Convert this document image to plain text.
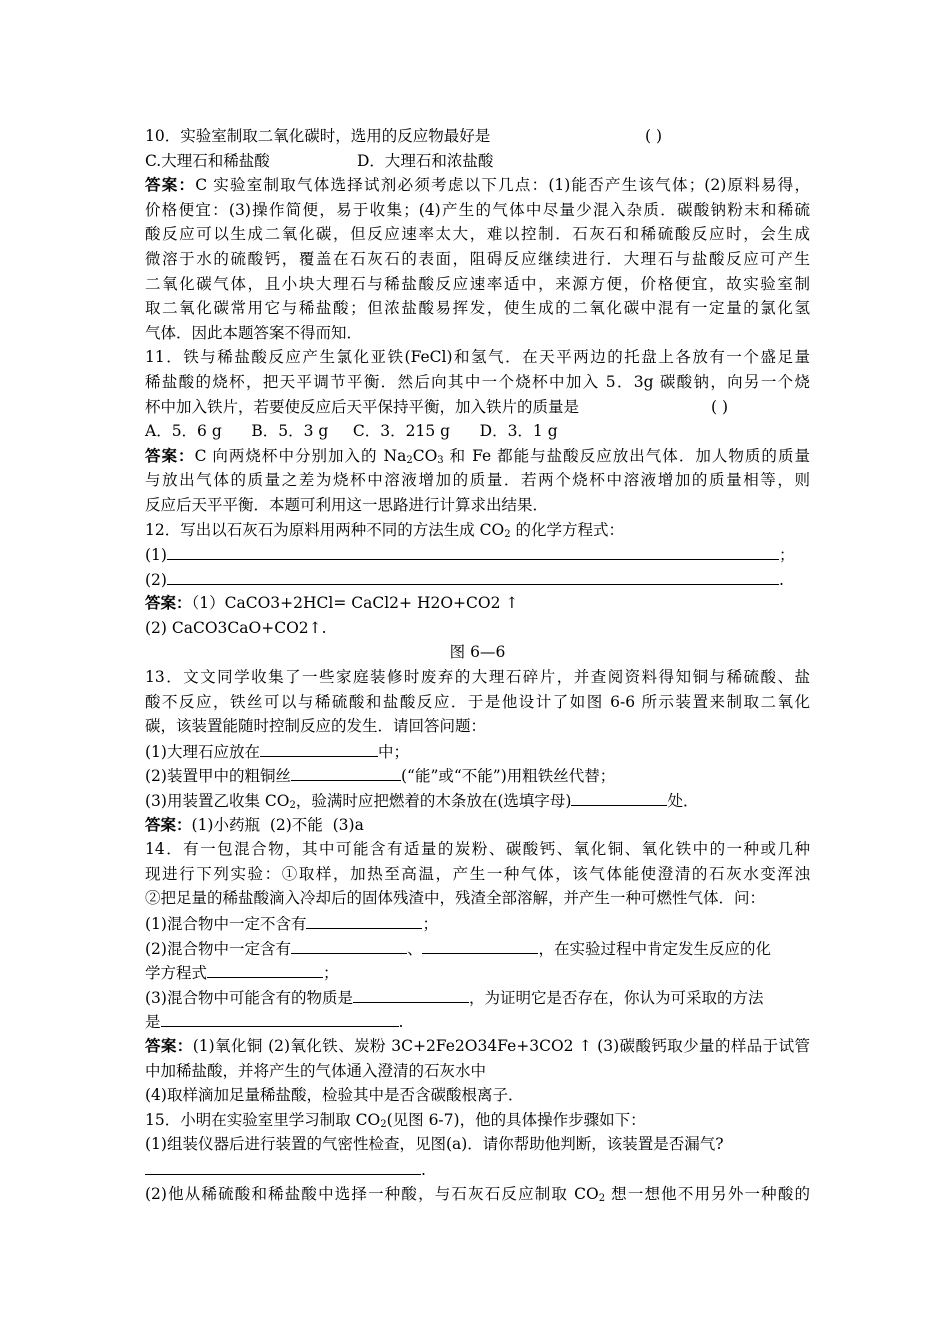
10．实验室制取二氧化碳时，选用的反应物最好是	( )
C.大理石和稀盐酸	D．大理石和浓盐酸
答案：C 实验室制取气体选择试剂必须考虑以下几点：(1)能否产生该气体；(2)原料易得，
价格便宜：(3)操作简便，易于收集；(4)产生的气体中尽量少混入杂质．碳酸钠粉末和稀硫
酸反应可以生成二氧化碳，但反应速率太大，难以控制．石灰石和稀硫酸反应时，会生成
微溶于水的硫酸钙，覆盖在石灰石的表面，阻碍反应继续进行．大理石与盐酸反应可产生
二氧化碳气体，且小块大理石与稀盐酸反应速率适中，来源方便，价格便宜，故实验室制
取二氧化碳常用它与稀盐酸；但浓盐酸易挥发，使生成的二氧化碳中混有一定量的氯化氢
气体．因此本题答案不得而知．
11．铁与稀盐酸反应产生氯化亚铁(FeCl)和氢气．在天平两边的托盘上各放有一个盛足量
稀盐酸的烧杯，把天平调节平衡．然后向其中一个烧杯中加入 5．3g 碳酸钠，向另一个烧
杯中加入铁片，若要使反应后天平保持平衡，加入铁片的质量是	( )
A．5．6 g      B．5．3 g     C．3．215 g      D．3．1 g
答案：C 向两烧杯中分别加入的 $Na_2CO_3$ 和 Fe 都能与盐酸反应放出气体．加人物质的质量
与放出气体的质量之差为烧杯中溶液增加的质量．若两个烧杯中溶液增加的质量相等，则
反应后天平平衡．本题可利用这一思路进行计算求出结果．
12．写出以石灰石为原料用两种不同的方法生成 $CO_2$ 的化学方程式：
(1)	；
(2)	.
答案：（1）CaCO3+2HCl= CaCl2+ H2O+CO2 ↑
(2) CaCO3CaO+CO2↑.
图 6—6
13．文文同学收集了一些家庭装修时废弃的大理石碎片，并查阅资料得知铜与稀硫酸、盐
酸不反应，铁丝可以与稀硫酸和盐酸反应．于是他设计了如图 6-6 所示装置来制取二氧化
碳，该装置能随时控制反应的发生．请回答问题：
(1)大理石应放在	中；
(2)装置甲中的粗铜丝	(“能”或“不能”)用粗铁丝代替；
(3)用装置乙收集 $CO_2$，验满时应把燃着的木条放在(选填字母)	处．
答案：(1)小药瓶  (2)不能  (3)a
14．有一包混合物，其中可能含有适量的炭粉、碳酸钙、氧化铜、氧化铁中的一种或几种
现进行下列实验：①取样，加热至高温，产生一种气体，该气体能使澄清的石灰水变浑浊
②把足量的稀盐酸滴入冷却后的固体残渣中，残渣全部溶解，并产生一种可燃性气体．问：
(1)混合物中一定不含有	；
(2)混合物中一定含有	、	，在实验过程中肯定发生反应的化
学方程式	；
(3)混合物中可能含有的物质是	，为证明它是否存在，你认为可采取的方法
是	.
答案：(1)氧化铜 (2)氧化铁、炭粉 3C+2Fe2O34Fe+3CO2 ↑ (3)碳酸钙取少量的样品于试管
中加稀盐酸，并将产生的气体通入澄清的石灰水中
(4)取样滴加足量稀盐酸，检验其中是否含碳酸根离子．
15．小明在实验室里学习制取 $CO_2$(见图 6-7)，他的具体操作步骤如下：
(1)组装仪器后进行装置的气密性检查，见图(a)．请你帮助他判断，该装置是否漏气?
.
(2)他从稀硫酸和稀盐酸中选择一种酸，与石灰石反应制取 $CO_2$ 想一想他不用另外一种酸的
